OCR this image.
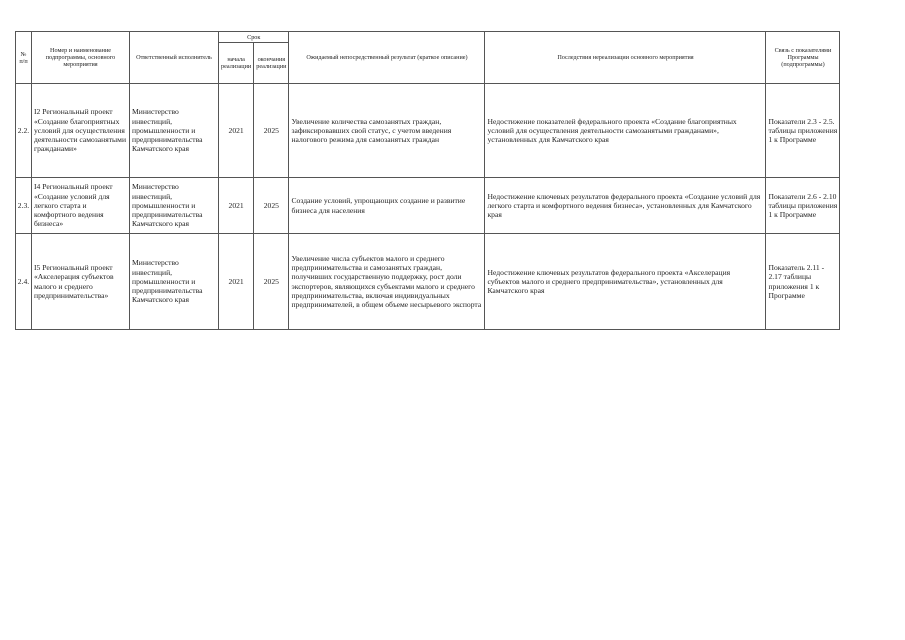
№ п/п	Номер и наименование подпрограммы, основного мероприятия	Ответственный исполнитель	Срок		Ожидаемый непосредственный результат (краткое описание)	Последствия нереализации основного мероприятия	Связь с показателями Программы (подпрограммы)
			начала реализации	окончания реализации			
2.2.	I2 Региональный проект «Создание благоприятных условий для осуществления деятельности самозанятыми гражданами»	Министерство инвестиций, промышленности и предпринимательства Камчатского края	2021	2025	Увеличение количества самозанятых граждан, зафиксировавших свой статус, с учетом введения налогового режима для самозанятых граждан	Недостижение показателей федерального проекта «Создание благоприятных условий для осуществления деятельности самозанятыми гражданами», установленных для Камчатского края	Показатели 2.3 - 2.5. таблицы приложения 1 к Программе
2.3.	I4 Региональный проект «Создание условий для легкого старта и комфортного ведения бизнеса»	Министерство инвестиций, промышленности и предпринимательства Камчатского края	2021	2025	Создание условий, упрощающих создание и развитие бизнеса для населения	Недостижение ключевых результатов федерального проекта «Создание условий для легкого старта и комфортного ведения бизнеса», установленных для Камчатского края	Показатели 2.6 - 2.10 таблицы приложения 1 к Программе
2.4.	I5 Региональный проект «Акселерация субъектов малого и среднего предпринимательства»	Министерство инвестиций, промышленности и предпринимательства Камчатского края	2021	2025	Увеличение числа субъектов малого и среднего предпринимательства и самозанятых граждан, получивших государственную поддержку, рост доли экспортеров, являющихся субъектами малого и среднего предпринимательства, включая индивидуальных предпринимателей, в общем объеме несырьевого экспорта	Недостижение ключевых результатов федерального проекта «Акселерация субъектов малого и среднего предпринимательства», установленных для Камчатского края	Показатель 2.11 - 2.17 таблицы приложения 1 к Программе
